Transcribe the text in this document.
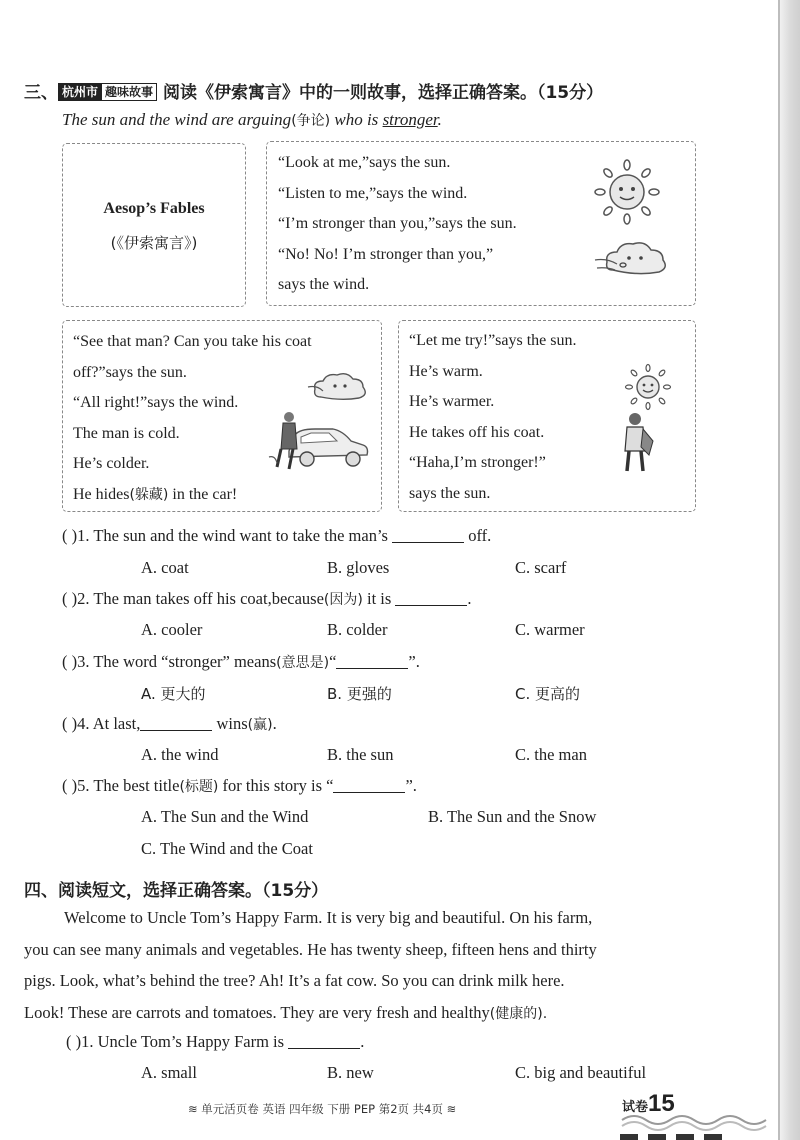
三、 杭州市 趣味故事 阅读《伊索寓言》中的一则故事，选择正确答案。（15分）
The sun and the wind are arguing(争论) who is stronger.
Aesop’s Fables
(《伊索寓言》)
“Look at me,”says the sun.
“Listen to me,”says the wind.
“I’m stronger than you,”says the sun.
“No! No! I’m stronger than you,”
says the wind.
“See that man? Can you take his coat
off?”says the sun.
“All right!”says the wind.
The man is cold.
He’s colder.
He hides(躲藏) in the car!
“Let me try!”says the sun.
He’s warm.
He’s warmer.
He takes off his coat.
“Haha,I’m stronger!”
says the sun.
( )1. The sun and the wind want to take the man’s	off.
A. coat	B. gloves	C. scarf
( )2. The man takes off his coat,because(因为) it is	.
A. cooler	B. colder	C. warmer
( )3. The word “stronger” means(意思是)“	”.
A. 更大的	B. 更强的	C. 更高的
( )4. At last,	wins(赢).
A. the wind	B. the sun	C. the man
( )5. The best title(标题) for this story is “	”.
A. The Sun and the Wind	B. The Sun and the Snow
C. The Wind and the Coat
四、阅读短文，选择正确答案。（15分）
Welcome to Uncle Tom’s Happy Farm. It is very big and beautiful. On his farm,
you can see many animals and vegetables. He has twenty sheep, fifteen hens and thirty
pigs. Look, what’s behind the tree? Ah! It’s a fat cow. So you can drink milk here.
Look! These are carrots and tomatoes. They are very fresh and healthy(健康的).
( )1. Uncle Tom’s Happy Farm is	.
A. small	B. new	C. big and beautiful
≋ 单元活页卷 英语 四年级 下册 PEP 第2页 共4页 ≋	试卷15
